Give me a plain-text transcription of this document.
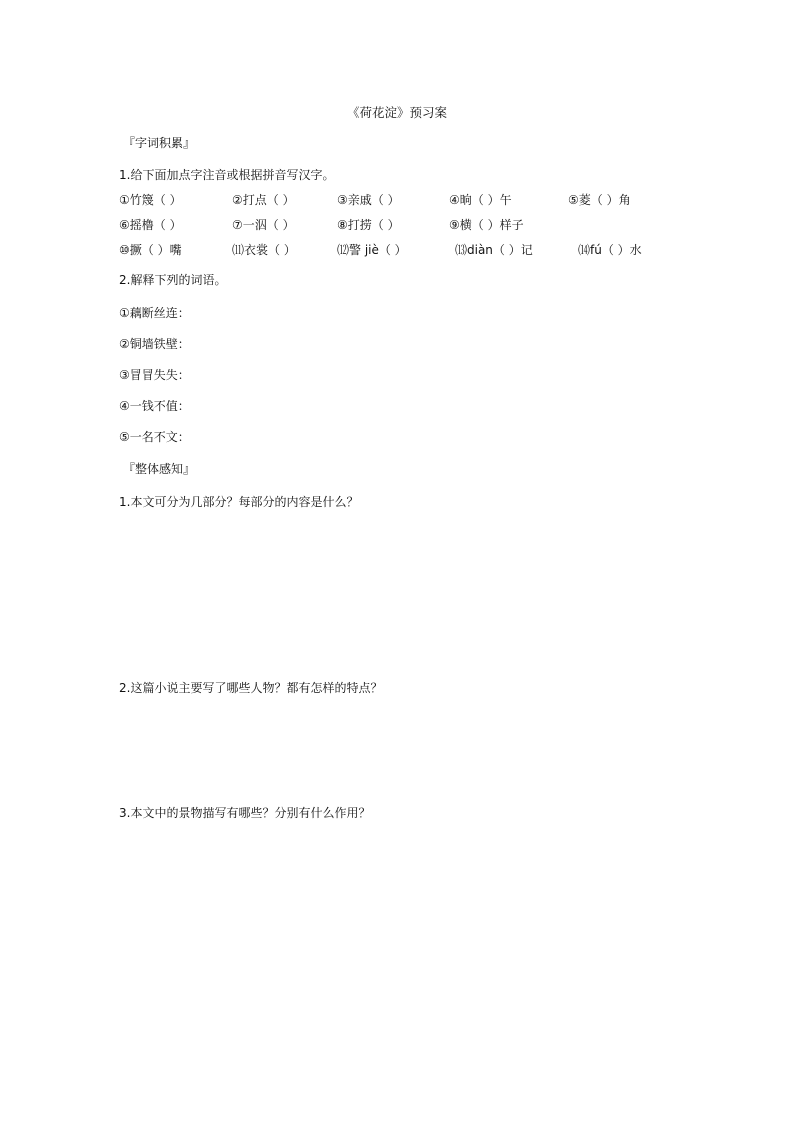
《荷花淀》预习案
『字词积累』
1.给下面加点字注音或根据拼音写汉字。
①竹篾（ ）	②打点（ ）	③亲戚（ ）	④晌（ ）午	⑤菱（ ）角
⑥摇橹（ ）	⑦一泅（ ）	⑧打捞（ ）	⑨横（ ）样子
⑩撅（ ）嘴	⑾衣裳（ ）	⑿警 jiè（ ）	⒀diàn（ ）记	⒁fú（ ）水
2.解释下列的词语。
①藕断丝连：
②铜墙铁壁：
③冒冒失失：
④一钱不值：
⑤一名不文：
『整体感知』
1.本文可分为几部分？每部分的内容是什么？
2.这篇小说主要写了哪些人物？都有怎样的特点？
3.本文中的景物描写有哪些？分别有什么作用？
